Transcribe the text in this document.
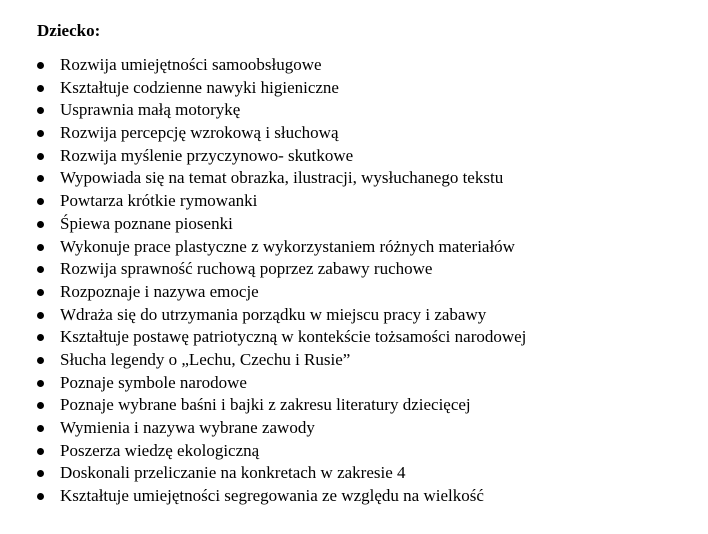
Dziecko:
Rozwija umiejętności samoobsługowe
Kształtuje codzienne nawyki higieniczne
Usprawnia małą motorykę
Rozwija percepcję wzrokową i słuchową
Rozwija myślenie przyczynowo- skutkowe
Wypowiada się na temat obrazka, ilustracji, wysłuchanego tekstu
Powtarza krótkie rymowanki
Śpiewa poznane piosenki
Wykonuje prace plastyczne z wykorzystaniem różnych materiałów
Rozwija sprawność ruchową poprzez zabawy ruchowe
Rozpoznaje i nazywa emocje
Wdraża się do utrzymania porządku w miejscu pracy i zabawy
Kształtuje postawę patriotyczną w kontekście tożsamości narodowej
Słucha legendy o „Lechu, Czechu i Rusie”
Poznaje symbole narodowe
Poznaje wybrane baśni i bajki z zakresu literatury dziecięcej
Wymienia i nazywa wybrane zawody
Poszerza wiedzę ekologiczną
Doskonali przeliczanie na konkretach w zakresie 4
Kształtuje umiejętności segregowania ze względu na wielkość
